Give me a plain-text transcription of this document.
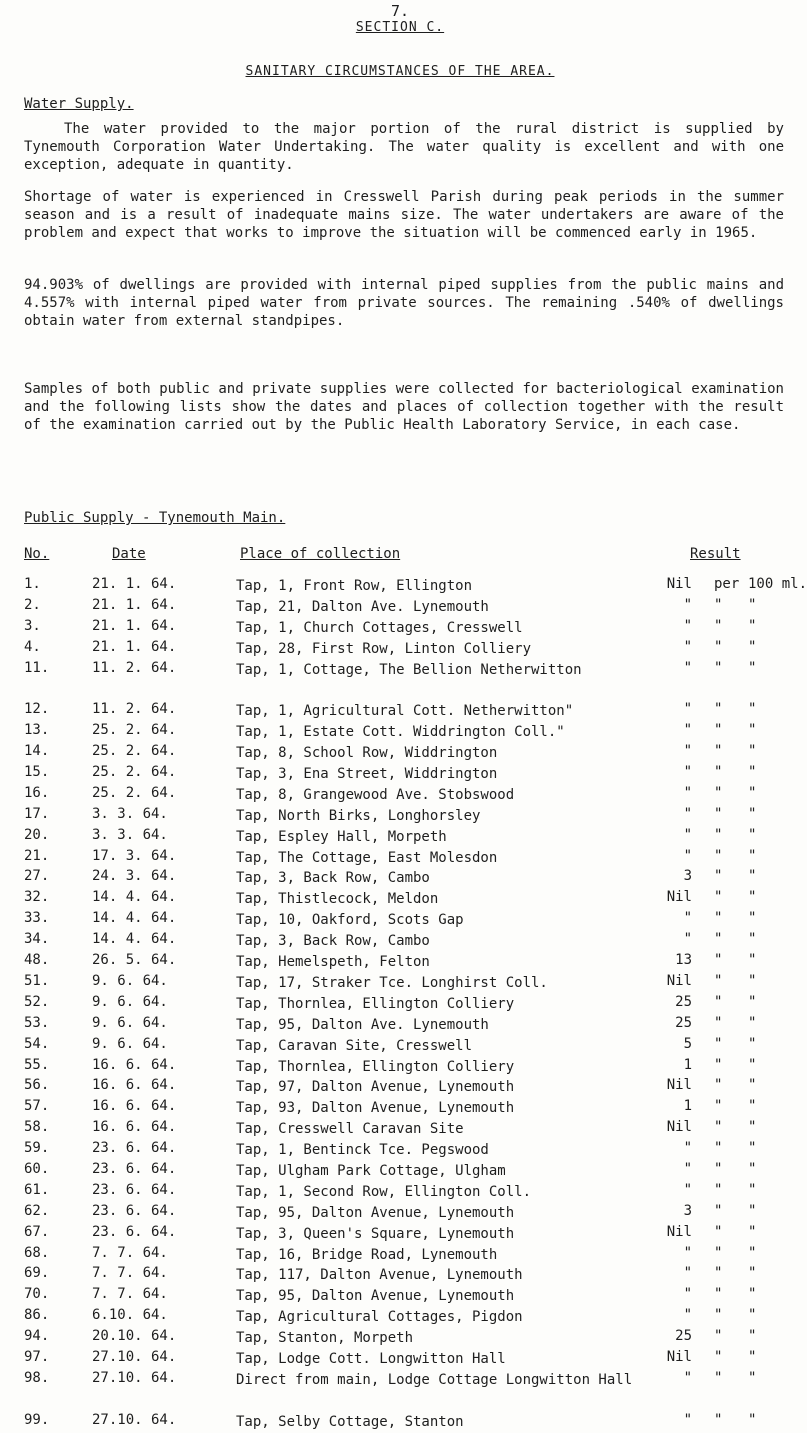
7.
SECTION C.
SANITARY CIRCUMSTANCES OF THE AREA.
Water Supply.

The water provided to the major portion of the rural district is supplied by Tynemouth Corporation Water Undertaking. The water quality is excellent and with one exception, adequate in quantity.

Shortage of water is experienced in Cresswell Parish during peak periods in the summer season and is a result of inadequate mains size. The water undertakers are aware of the problem and expect that works to improve the situation will be commenced early in 1965.

94.903% of dwellings are provided with internal piped supplies from the public mains and 4.557% with internal piped water from private sources. The remaining .540% of dwellings obtain water from external standpipes.

Samples of both public and private supplies were collected for bacteriological examination and the following lists show the dates and places of collection together with the result of the examination carried out by the Public Health Laboratory Service, in each case.

Public Supply - Tynemouth Main.
No.	Date	Place of collection	Result
1.	21. 1. 64.	Tap, 1, Front Row, Ellington	Nil per 100 ml.
2.	21. 1. 64.	Tap, 21, Dalton Ave. Lynemouth	" " "
3.	21. 1. 64.	Tap, 1, Church Cottages, Cresswell	" " "
4.	21. 1. 64.	Tap, 28, First Row, Linton Colliery	" " "
11.	11. 2. 64.	Tap, 1, Cottage, The Bellion Netherwitton	" " "
12.	11. 2. 64.	Tap, 1, Agricultural Cott. Netherwitton"	" " "
13.	25. 2. 64.	Tap, 1, Estate Cott. Widdrington Coll."	" " "
14.	25. 2. 64.	Tap, 8, School Row, Widdrington	" " "
15.	25. 2. 64.	Tap, 3, Ena Street, Widdrington	" " "
16.	25. 2. 64.	Tap, 8, Grangewood Ave. Stobswood	" " "
17.	3. 3. 64.	Tap, North Birks, Longhorsley	" " "
20.	3. 3. 64.	Tap, Espley Hall, Morpeth	" " "
21.	17. 3. 64.	Tap, The Cottage, East Molesdon	" " "
27.	24. 3. 64.	Tap, 3, Back Row, Cambo	3 " "
32.	14. 4. 64.	Tap, Thistlecock, Meldon	Nil " "
33.	14. 4. 64.	Tap, 10, Oakford, Scots Gap	" " "
34.	14. 4. 64.	Tap, 3, Back Row, Cambo	" " "
48.	26. 5. 64.	Tap, Hemelspeth, Felton	13 " "
51.	9. 6. 64.	Tap, 17, Straker Tce. Longhirst Coll.	Nil " "
52.	9. 6. 64.	Tap, Thornlea, Ellington Colliery	25 " "
53.	9. 6. 64.	Tap, 95, Dalton Ave. Lynemouth	25 " "
54.	9. 6. 64.	Tap, Caravan Site, Cresswell	5 " "
55.	16. 6. 64.	Tap, Thornlea, Ellington Colliery	1 " "
56.	16. 6. 64.	Tap, 97, Dalton Avenue, Lynemouth	Nil " "
57.	16. 6. 64.	Tap, 93, Dalton Avenue, Lynemouth	1 " "
58.	16. 6. 64.	Tap, Cresswell Caravan Site	Nil " "
59.	23. 6. 64.	Tap, 1, Bentinck Tce. Pegswood	" " "
60.	23. 6. 64.	Tap, Ulgham Park Cottage, Ulgham	" " "
61.	23. 6. 64.	Tap, 1, Second Row, Ellington Coll.	" " "
62.	23. 6. 64.	Tap, 95, Dalton Avenue, Lynemouth	3 " "
67.	23. 6. 64.	Tap, 3, Queen's Square, Lynemouth	Nil " "
68.	7. 7. 64.	Tap, 16, Bridge Road, Lynemouth	" " "
69.	7. 7. 64.	Tap, 117, Dalton Avenue, Lynemouth	" " "
70.	7. 7. 64.	Tap, 95, Dalton Avenue, Lynemouth	" " "
86.	6.10. 64.	Tap, Agricultural Cottages, Pigdon	" " "
94.	20.10. 64.	Tap, Stanton, Morpeth	25 " "
97.	27.10. 64.	Tap, Lodge Cott. Longwitton Hall	Nil " "
98.	27.10. 64.	Direct from main, Lodge Cottage Longwitton Hall	" " "
99.	27.10. 64.	Tap, Selby Cottage, Stanton	" " "
